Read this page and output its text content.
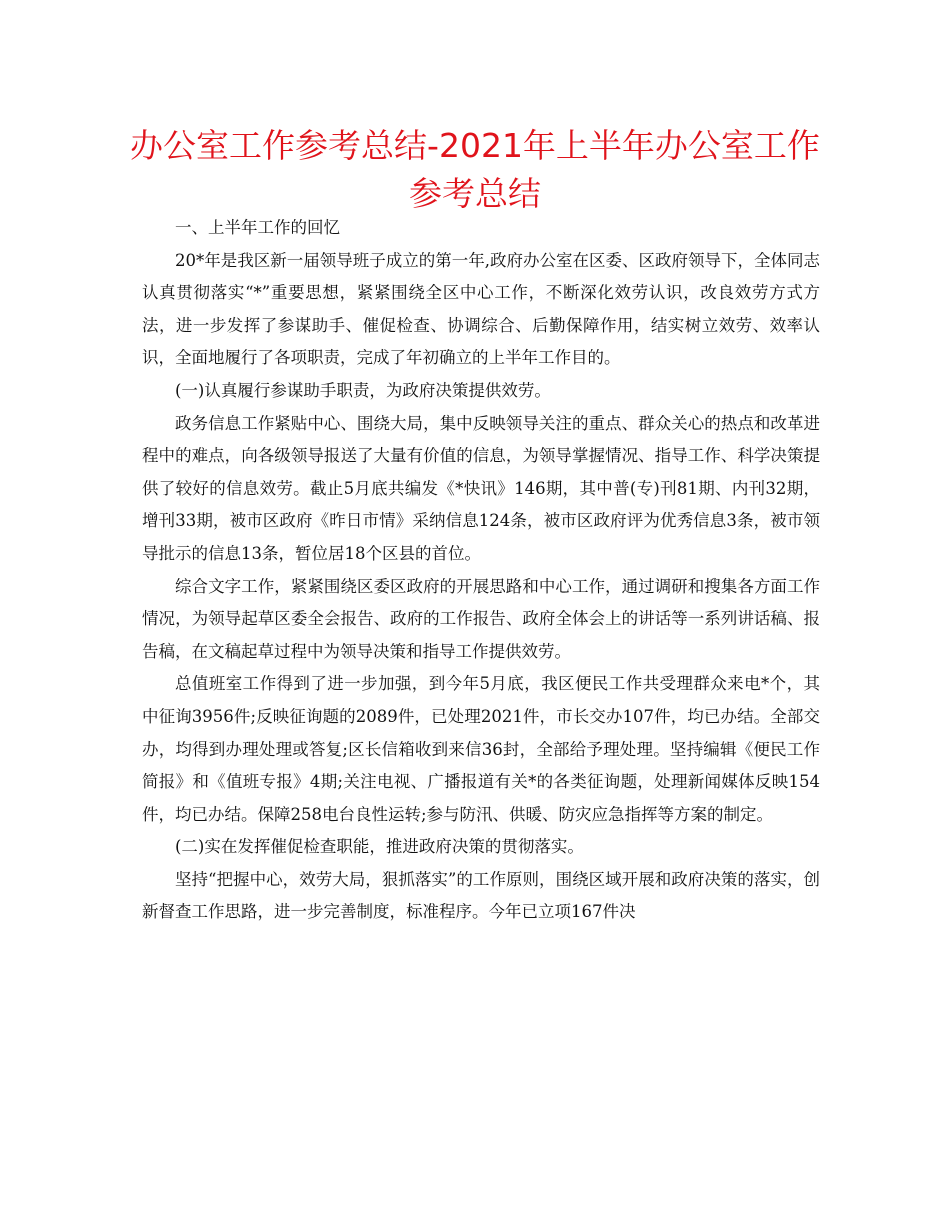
办公室工作参考总结-2021年上半年办公室工作参考总结

一、上半年工作的回忆

20*年是我区新一届领导班子成立的第一年,政府办公室在区委、区政府领导下，全体同志认真贯彻落实“*”重要思想，紧紧围绕全区中心工作，不断深化效劳认识，改良效劳方式方法，进一步发挥了参谋助手、催促检查、协调综合、后勤保障作用，结实树立效劳、效率认识，全面地履行了各项职责，完成了年初确立的上半年工作目的。

(一)认真履行参谋助手职责，为政府决策提供效劳。

政务信息工作紧贴中心、围绕大局，集中反映领导关注的重点、群众关心的热点和改革进程中的难点，向各级领导报送了大量有价值的信息，为领导掌握情况、指导工作、科学决策提供了较好的信息效劳。截止5月底共编发《*快讯》146期，其中普(专)刊81期、内刊32期，增刊33期，被市区政府《昨日市情》采纳信息124条，被市区政府评为优秀信息3条，被市领导批示的信息13条，暂位居18个区县的首位。

综合文字工作，紧紧围绕区委区政府的开展思路和中心工作，通过调研和搜集各方面工作情况，为领导起草区委全会报告、政府的工作报告、政府全体会上的讲话等一系列讲话稿、报告稿，在文稿起草过程中为领导决策和指导工作提供效劳。

总值班室工作得到了进一步加强，到今年5月底，我区便民工作共受理群众来电*个，其中征询3956件;反映征询题的2089件，已处理2021件，市长交办107件，均已办结。全部交办，均得到办理处理或答复;区长信箱收到来信36封，全部给予理处理。坚持编辑《便民工作简报》和《值班专报》4期;关注电视、广播报道有关*的各类征询题，处理新闻媒体反映154件，均已办结。保障258电台良性运转;参与防汛、供暖、防灾应急指挥等方案的制定。

(二)实在发挥催促检查职能，推进政府决策的贯彻落实。

坚持“把握中心，效劳大局，狠抓落实”的工作原则，围绕区域开展和政府决策的落实，创新督查工作思路，进一步完善制度，标准程序。今年已立项167件决
